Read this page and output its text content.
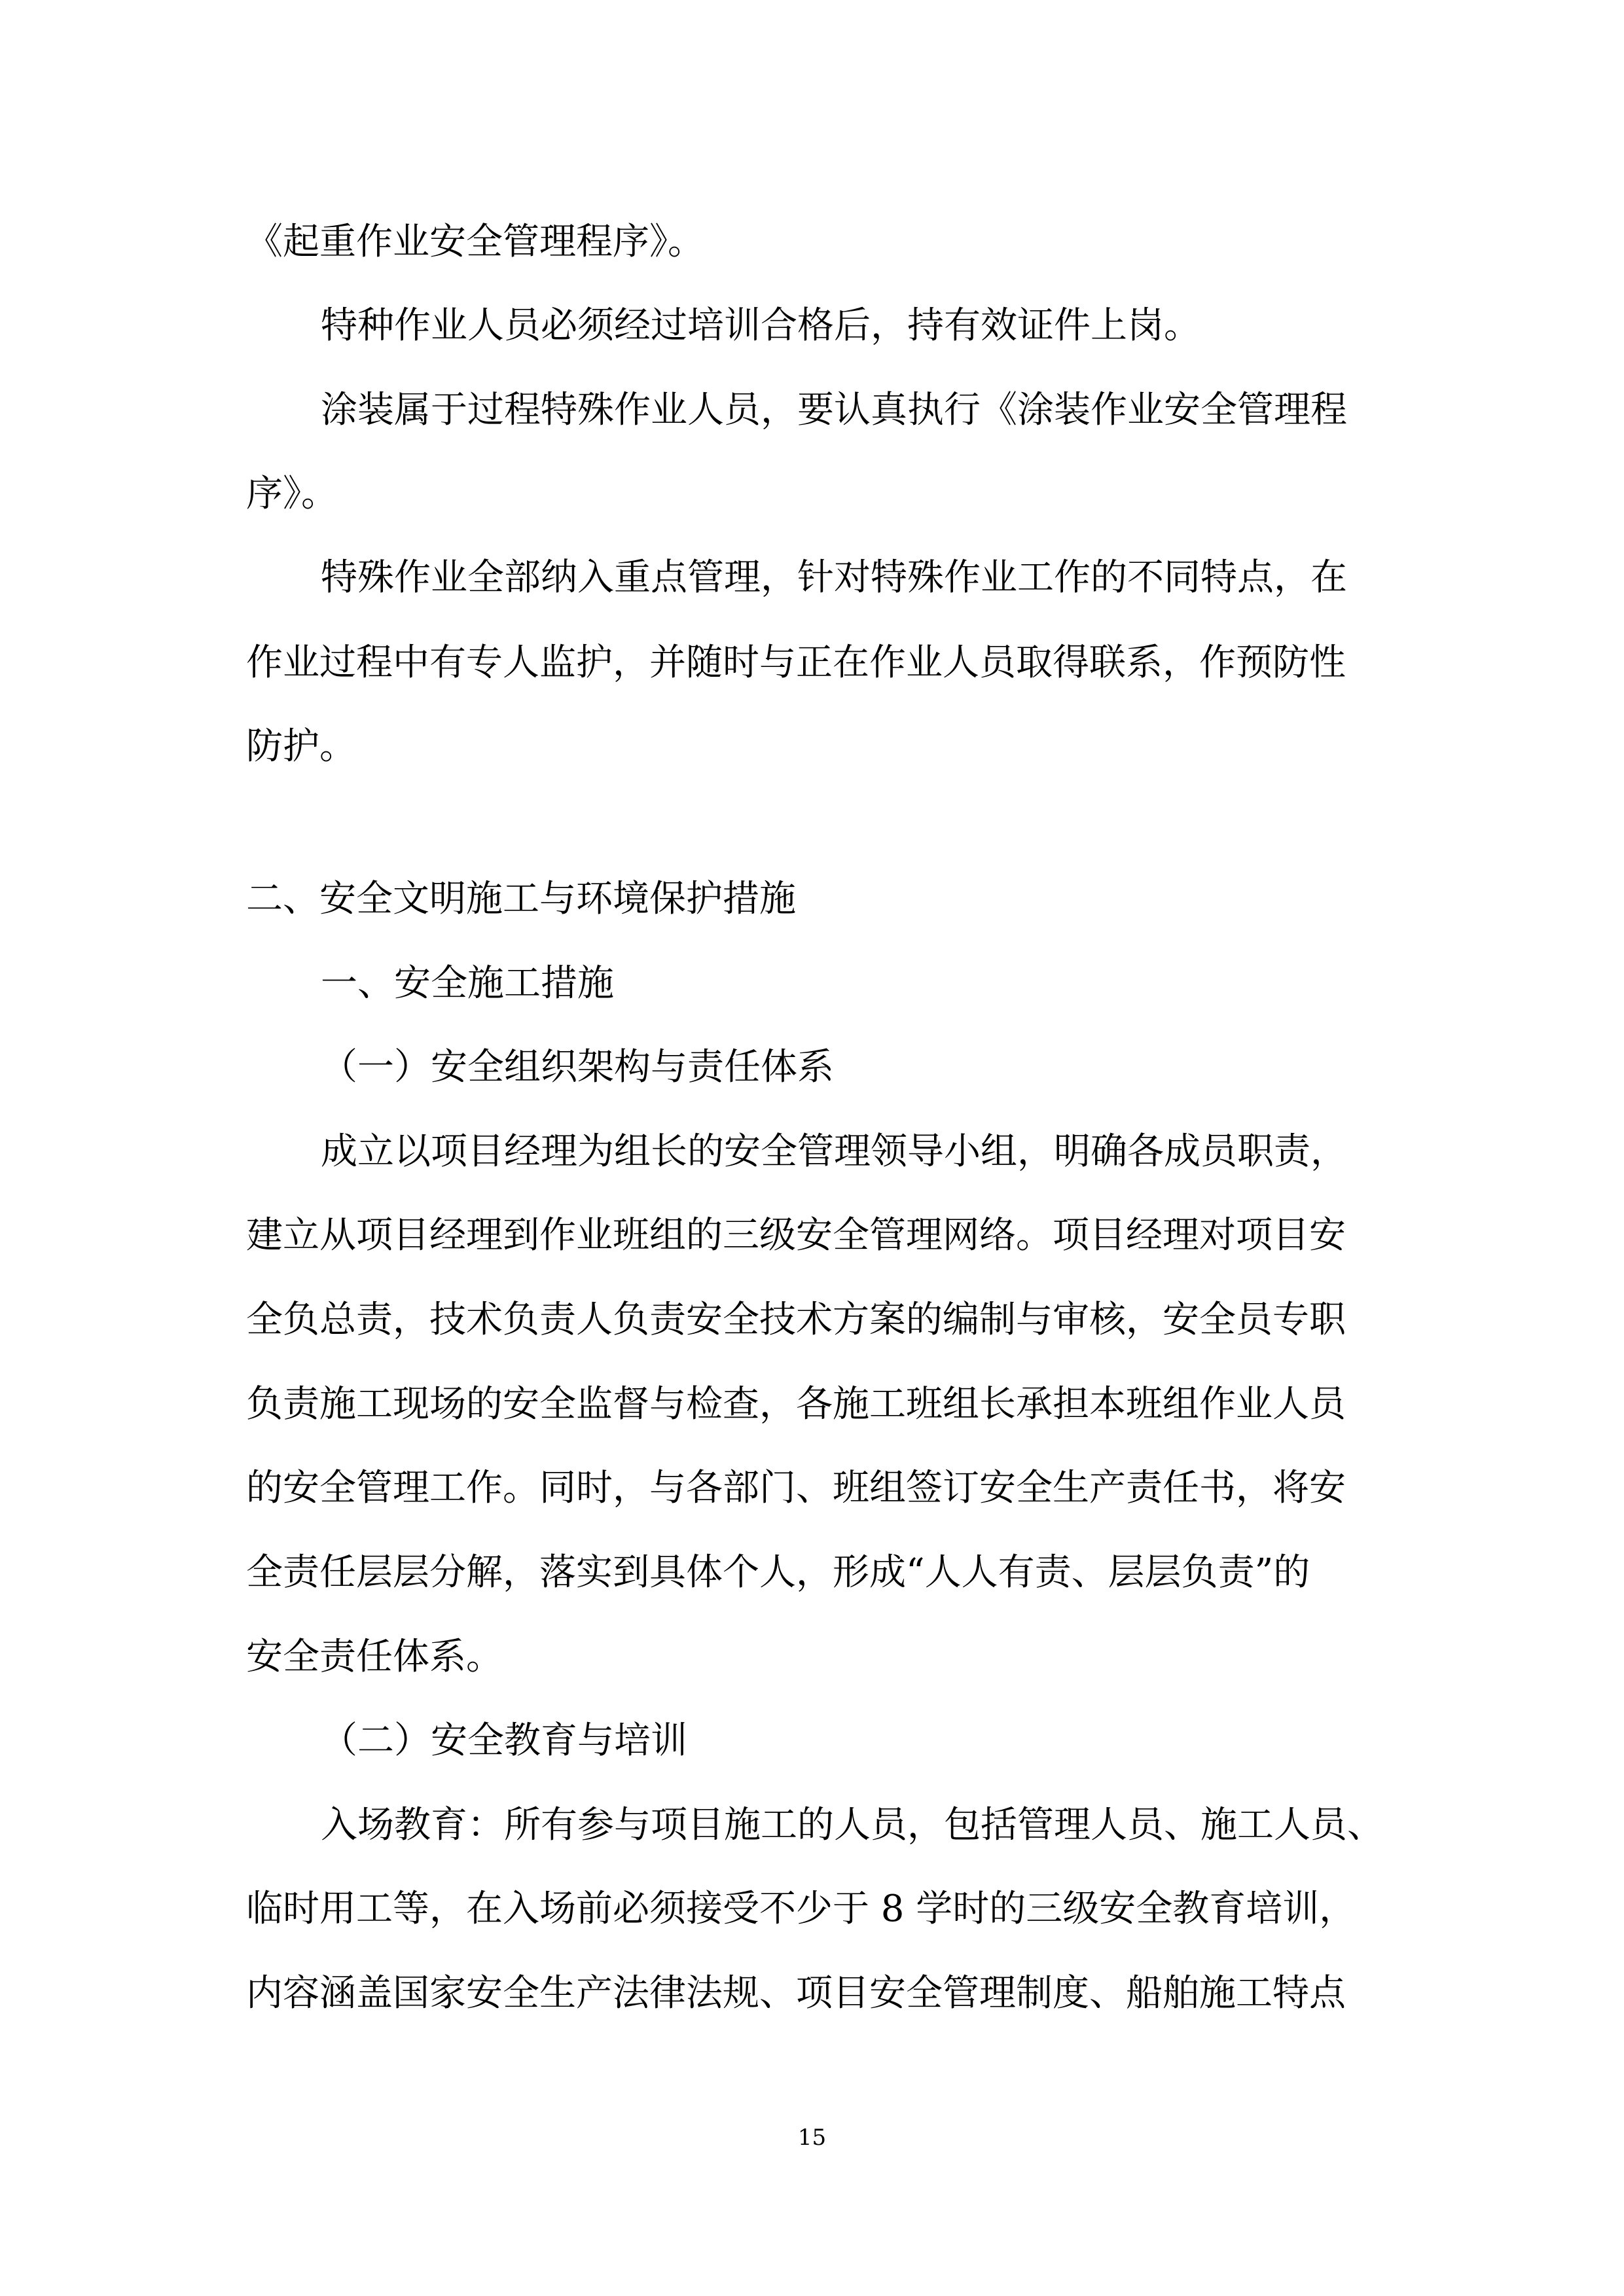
《起重作业安全管理程序》。
特种作业人员必须经过培训合格后，持有效证件上岗。
涂装属于过程特殊作业人员，要认真执行《涂装作业安全管理程
序》。
特殊作业全部纳入重点管理，针对特殊作业工作的不同特点，在
作业过程中有专人监护，并随时与正在作业人员取得联系，作预防性
防护。
二、安全文明施工与环境保护措施
一、安全施工措施
（一）安全组织架构与责任体系
成立以项目经理为组长的安全管理领导小组，明确各成员职责，
建立从项目经理到作业班组的三级安全管理网络。项目经理对项目安
全负总责，技术负责人负责安全技术方案的编制与审核，安全员专职
负责施工现场的安全监督与检查，各施工班组长承担本班组作业人员
的安全管理工作。同时，与各部门、班组签订安全生产责任书，将安
全责任层层分解，落实到具体个人，形成“人人有责、层层负责”的
安全责任体系。
（二）安全教育与培训
入场教育：所有参与项目施工的人员，包括管理人员、施工人员、
临时用工等，在入场前必须接受不少于 8 学时的三级安全教育培训，
内容涵盖国家安全生产法律法规、项目安全管理制度、船舶施工特点
15
